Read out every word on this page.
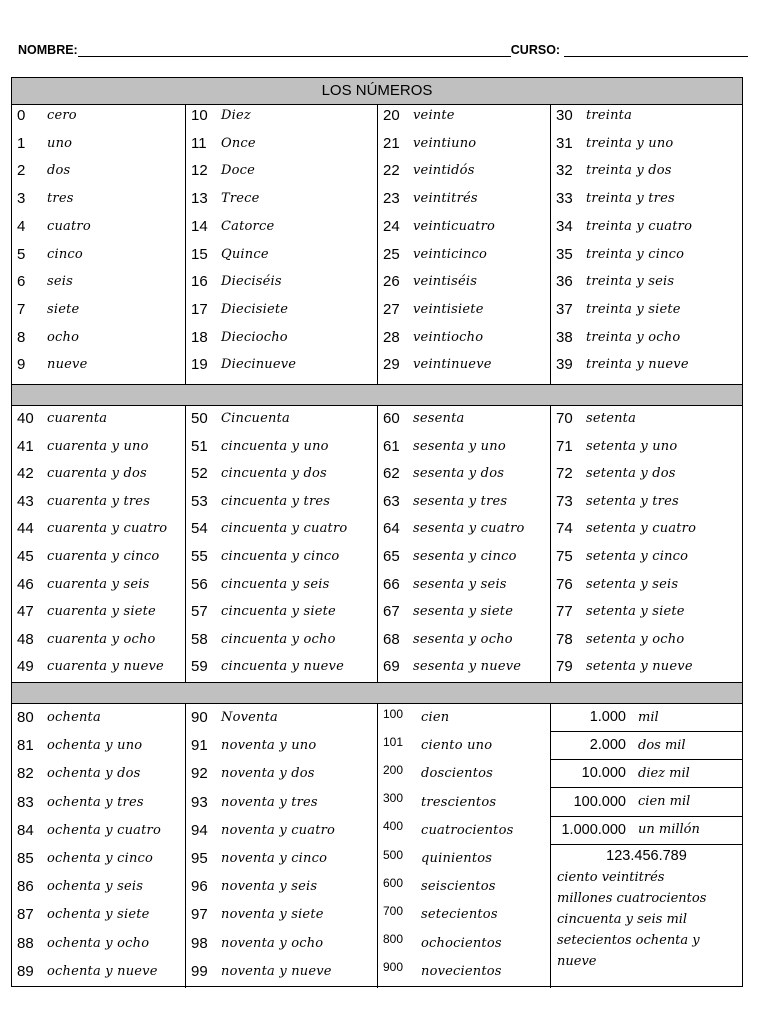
NOMBRE:	CURSO:
LOS NÚMEROS
0	cero
1	uno
2	dos
3	tres
4	cuatro
5	cinco
6	seis
7	siete
8	ocho
9	nueve
10	Diez
11	Once
12	Doce
13	Trece
14	Catorce
15	Quince
16	Dieciséis
17	Diecisiete
18	Dieciocho
19	Diecinueve
20	veinte
21	veintiuno
22	veintidós
23	veintitrés
24	veinticuatro
25	veinticinco
26	veintiséis
27	veintisiete
28	veintiocho
29	veintinueve
30	treinta
31	treinta y uno
32	treinta y dos
33	treinta y tres
34	treinta y cuatro
35	treinta y cinco
36	treinta y seis
37	treinta y siete
38	treinta y ocho
39	treinta y nueve
40	cuarenta
41	cuarenta y uno
42	cuarenta y dos
43	cuarenta y tres
44	cuarenta y cuatro
45	cuarenta y cinco
46	cuarenta y seis
47	cuarenta y siete
48	cuarenta y ocho
49	cuarenta y nueve
50	Cincuenta
51	cincuenta y uno
52	cincuenta y dos
53	cincuenta y tres
54	cincuenta y cuatro
55	cincuenta y cinco
56	cincuenta y seis
57	cincuenta y siete
58	cincuenta y ocho
59	cincuenta y nueve
60	sesenta
61	sesenta y uno
62	sesenta y dos
63	sesenta y tres
64	sesenta y cuatro
65	sesenta y cinco
66	sesenta y seis
67	sesenta y siete
68	sesenta y ocho
69	sesenta y nueve
70	setenta
71	setenta y uno
72	setenta y dos
73	setenta y tres
74	setenta y cuatro
75	setenta y cinco
76	setenta y seis
77	setenta y siete
78	setenta y ocho
79	setenta y nueve
80	ochenta
81	ochenta y uno
82	ochenta y dos
83	ochenta y tres
84	ochenta y cuatro
85	ochenta y cinco
86	ochenta y seis
87	ochenta y siete
88	ochenta y ocho
89	ochenta y nueve
90	Noventa
91	noventa y uno
92	noventa y dos
93	noventa y tres
94	noventa y cuatro
95	noventa y cinco
96	noventa y seis
97	noventa y siete
98	noventa y ocho
99	noventa y nueve
100	cien
101	ciento uno
200	doscientos
300	trescientos
400	cuatrocientos
500	quinientos
600	seiscientos
700	setecientos
800	ochocientos
900	novecientos
1.000 mil
2.000 dos mil
10.000 diez mil
100.000 cien mil
1.000.000 un millón
123.456.789
ciento veintitrés
millones cuatrocientos
cincuenta y seis mil
setecientos ochenta y
nueve
